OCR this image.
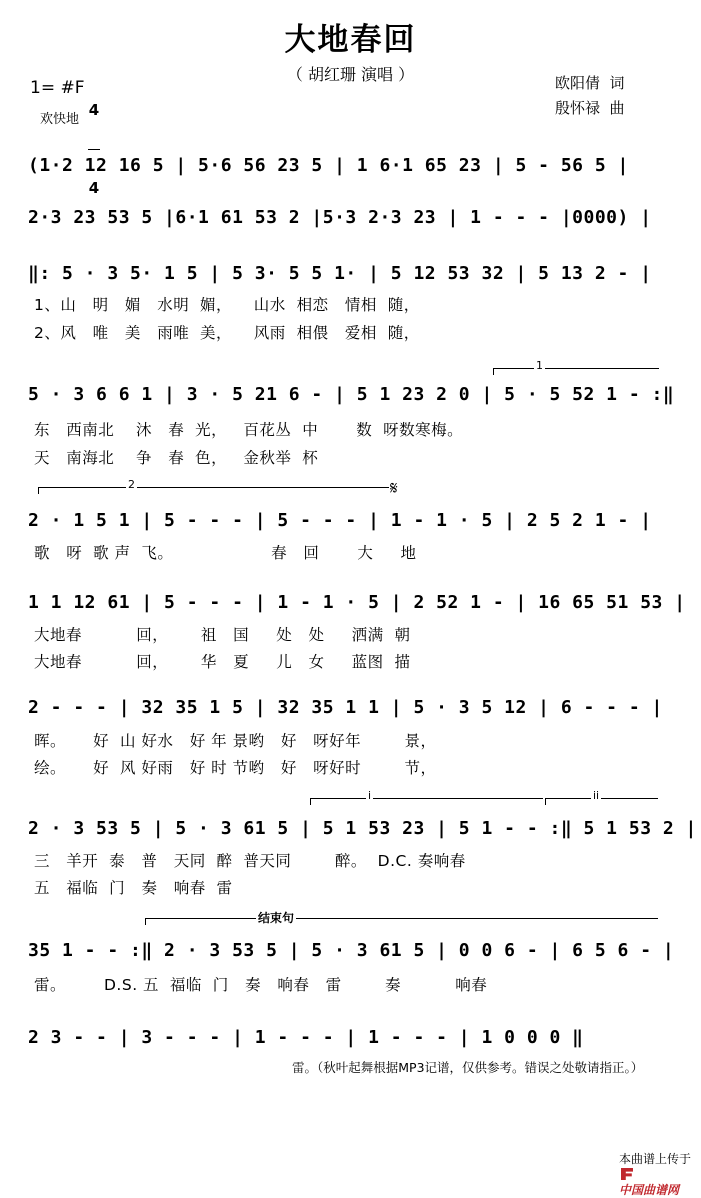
大地春回
（ 胡红珊 演唱 ）	欧阳倩  词
殷怀禄  曲
1= #F

4

4

欢快地
(1·2 12 16 5 | 5·6 56 23 5 | 1 6·1 65 23 | 5 - 56 5 |
2·3 23 53 5 |6·1 61 53 2 |5·3 2·3 23 | 1 - - - |0000) |
‖: 5 · 3 5· 1 5 | 5 3· 5 5 1· | 5 12 53 32 | 5 13 2 - |
1、山   明   媚   水明  媚，    山水  相恋   情相  随，
2、风   唯   美   雨唯  美，    风雨  相偎   爱相  随，
1
5 · 3 6 6 1 | 3 · 5 21 6 - | 5 1 23 2 0 | 5 · 5 52 1 - :‖
东   西南北    沐   春  光，   百花丛  中       数  呀数寒梅。
天   南海北    争   春  色，   金秋举  杯
2	𝄋
2 · 1 5 1 | 5 - - - | 5 - - - | 1 - 1 · 5 | 2 5 2 1 - |
歌   呀  歌 声  飞。                  春   回       大     地
1 1 12 61 | 5 - - - | 1 - 1 · 5 | 2 52 1 - | 16 65 51 53 |
大地春          回，      祖   国     处   处     洒满  朝
大地春          回，      华   夏     儿   女     蓝图  描
2 - - - | 32 35 1 5 | 32 35 1 1 | 5 · 3 5 12 | 6 - - - |
晖。     好  山 好水   好 年 景哟   好   呀好年        景，
绘。     好  风 好雨   好 时 节哟   好   呀好时        节，
i	ii
2 · 3 53 5 | 5 · 3 61 5 | 5 1 53 23 | 5 1 - - :‖ 5 1 53 2 |
三   羊开  泰   普   天同  醉  普天同        醉。  D.C. 奏响春
五   福临  门   奏   响春  雷
结束句
35 1 - - :‖ 2 · 3 53 5 | 5 · 3 61 5 | 0 0 6 - | 6 5 6 - |
雷。       D.S. 五  福临  门   奏   响春   雷        奏          响春
2 3 - - | 3 - - - | 1 - - - | 1 - - - | 1 0 0 0 ‖
雷。（秋叶起舞根据MP3记谱，仅供参考。错误之处敬请指正。）

本曲谱上传于

中国曲谱网
